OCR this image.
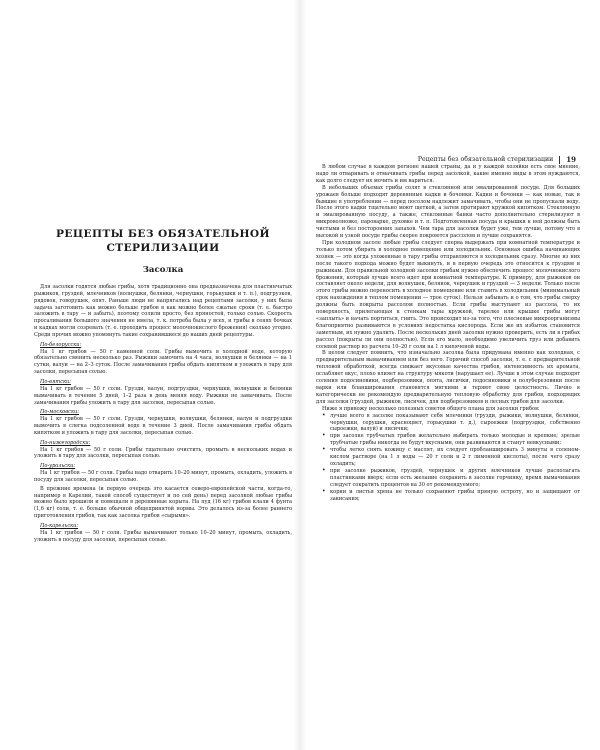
Рецепты без обязательной стерилизации 19
РЕЦЕПТЫ БЕЗ ОБЯЗАТЕЛЬНОЙ
СТЕРИЛИЗАЦИИ
Засолка

Для засолки годятся любые грибы, хотя традиционно она предназначена для пластинчатых рыжиков, груздей, млечников (волнушки, белянки, чернушки, горькушки и т. п.), подгрузков, рядовок, говорушек, опят. Раньше люди не напрягались над рецептами засолки, у них была задача заготовить как можно больше грибов в как можно более сжатые сроки (т. е. быстро заложить в тару — и забыть), поэтому солили просто, без пряностей, только солью. Скорость просаливания большого значения не имела, т. к. потреба была у всех, и грибы в сенях бочках и кадках могли созревать (т. е. проходить процесс молочнокислого брожения) сколько угодно. Среди прочих можно упомянуть такие сохранившиеся до наших дней рецептуры.

По-белорусски:

На 1 кг грибов — 50 г каменной соли. Грибы вымочить в холодной воде, которую обязательно сменить несколько раз. Рыжики замочить на 4 часа, волнушки и белянки — на 1 сутки, валуи — на 2–3 суток. После замачивания грибы обдать кипятком и уложить в тару для засолки, пересыпая солью.

По-вятски:

На 1 кг грибов — 50 г соли. Грузди, валуи, подгруздки, чернушки, волнушки и белянки вымачивать в течение 5 дней, 1–2 раза в день меняя воду. Рыжики не замачивать. После замачивания грибы уложить в тару для засолки, пересыпая солью.

По-московски:

На 1 кг грибов — 50 г соли. Грузди, чернушки, волнушки, белянки, валуи и подгруздки вымочить в слегка подсоленной воде в течение 3 дней. После замачивания грибы обдать кипятком и уложить в тару для засолки, пересыпая солью.

По-нижегородски:

На 1 кг грибов — 50 г соли. Грибы тщательно очистить, промыть в нескольких водах и уложить в тару для засолки, пересыпая солью.

По-уральски:

На 1 кг грибов — 50 г соли. Грибы надо отварить 10–20 минут, промыть, охладить, уложить в посуду для засолки, пересыпая солью.

В прежние времена (и первую очередь это касается северо-европейской части, когда-то, например в Карелии, такой способ существует и по сей день) перед засолкой любые грибы можно было крошили и помещали в деревянные корыта. На пуд (16 кг) грибов клали 4 фунта (1,6 кг) соли, т. е. больше обычной общепринятой нормы. Это делалось из-за более раннего приготовления грибов, так как засолка грибов «сырыми».

По-карельски:

На 1 кг грибов — 50 г соли. Грибы вымачивают только 10–20 минут, промыть, охладить, уложить в посуду для засолки, пересыпая солью.

В любом случае в каждом регионе нашей страны, да и у каждой хозяйки есть свое мнение, надо ли отваривать и отмачивать грибы перед засолкой, какие именно виды в этом нуждаются, как долго следует их мочить и им вариться.

В небольших объемах грибы солят в стеклянной или эмалированной посуде. Для больших урожаев больше подходят деревянные кадки и бочонки. Кадки и бочонки — как новые, так и бывшие в употреблении — перед посолом надлежит замачивать, чтобы они не пропускали воду. После этого кадки тщательно моют щеткой, а затем протирают кружкой кипятком. Стеклянную и эмалированную посуду, а также, стеклянные банки часто дополнительно стерилизуют в микроволновке, пароварке, духовке и т. п. Подготовленная посуда и крышки к ней должны быть чистыми и без посторонних запахов. Чем тара для засолки будет уже, тем лучше, потому что в высокой и узкой посуде грибы скорее покроются рассолом и лучше сохранятся.

При холодном засоле любые грибы следует сперва выдержать при комнатной температуре и только потом убирать в холодное помещение или холодильник. Основная ошибка начинающих хозяек — это когда уложенные в тару грибы отправляются в холодильник сразу. Многие из них после такого подхода можно будет выкинуть, и в первую очередь это относится к груздям и рыжикам. Для правильной холодной засолки грибам нужно обеспечить процесс молочнокислого брожения, который лучше всего идет при комнатной температуре. К примеру, для рыжиков он составляет около недели, для волнушек, белянок, чернушек и груздей — 3 недели. Только после этого грибы можно переносить в холодное помещение или ставить в холодильник (минимальный срок нахождения в теплом помещении — трое суток). Нельзя забывать и о том, что грибы сверху должны быть покрыты рассолом полностью. Если грибы выступают из рассола, то их поверхность, прилегающая к стенкам тары кружкой, тарелке или крышке грибы могут «заплыть» и начать портиться, гнить. Это происходит из-за того, что плесневые микроорганизмы благоприятно развиваются в условиях недостатка кислорода. Если же их избыток становится заметным, их нужно удалить. После нескольких дней засолки нужно проверить, есть ли в грибах рассол (покрыты ли они полностью). Если его мало, необходимо увеличить груз или добавить солевой раствор из расчета 10–20 г соли на 1 л кипяченой воды.

В целом следует помнить, что изначально засолка была придумана именно как холодная, с предварительным вымачиванием или без него. Горячий способ засолки, т. е. с предварительной тепловой обработкой, всегда снижает вкусовые качества грибов, интенсивность их аромата, ослабляет вкус, плохо влияет на структуру мякоти (нарушает ее). Лучше в этом случае подходят соления подосиновики, подберезовики, опята, лисички, подосиновики и полуберезовики после варки или бланширования становятся мягкими и теряют свою целостность. Лично я категорически не рекомендую предварительную тепловую обработку для грибов, подходящих для засолки (груздей, рыжиков, лисичек, для подберезовиков и лесных грибов для засолки.

Ниже я привожу несколько полезных советов общего плана для засолки грибов:

• лучше всего в засолке показывают себя млечники (грузди, рыжики, волнушки, белянки, чернушки, серушки, красноцвет, горькушки т. д.), сыроежки (подгруздки, собственно сыроежки, валуй) и лисички;
• при засолке трубчатых грибов желательно выбирать только молодые и крепкие; зрелые трубчатые грибы никогда не будут вкусными, они развиваются и станут невкусными;
• чтобы легко снять кожицу с маслят, их следует пробланшировать 3 минуты в соленом-кислом растворе (на 1 л воды — 20 г соли и 2 г лимонной кислоты), после чего сразу охладить;
• при засолке рыжиков, груздей, чернушек и других млечников лучше располагать пластинками вверх; если есть желание сохранить в засолке горчинку, время вымачивания следует сократить процентов на 30 от рекомендуемого;
• корни и листья хрена не только сохраняют грибы пряную остроту, но и защищают от закисания;
